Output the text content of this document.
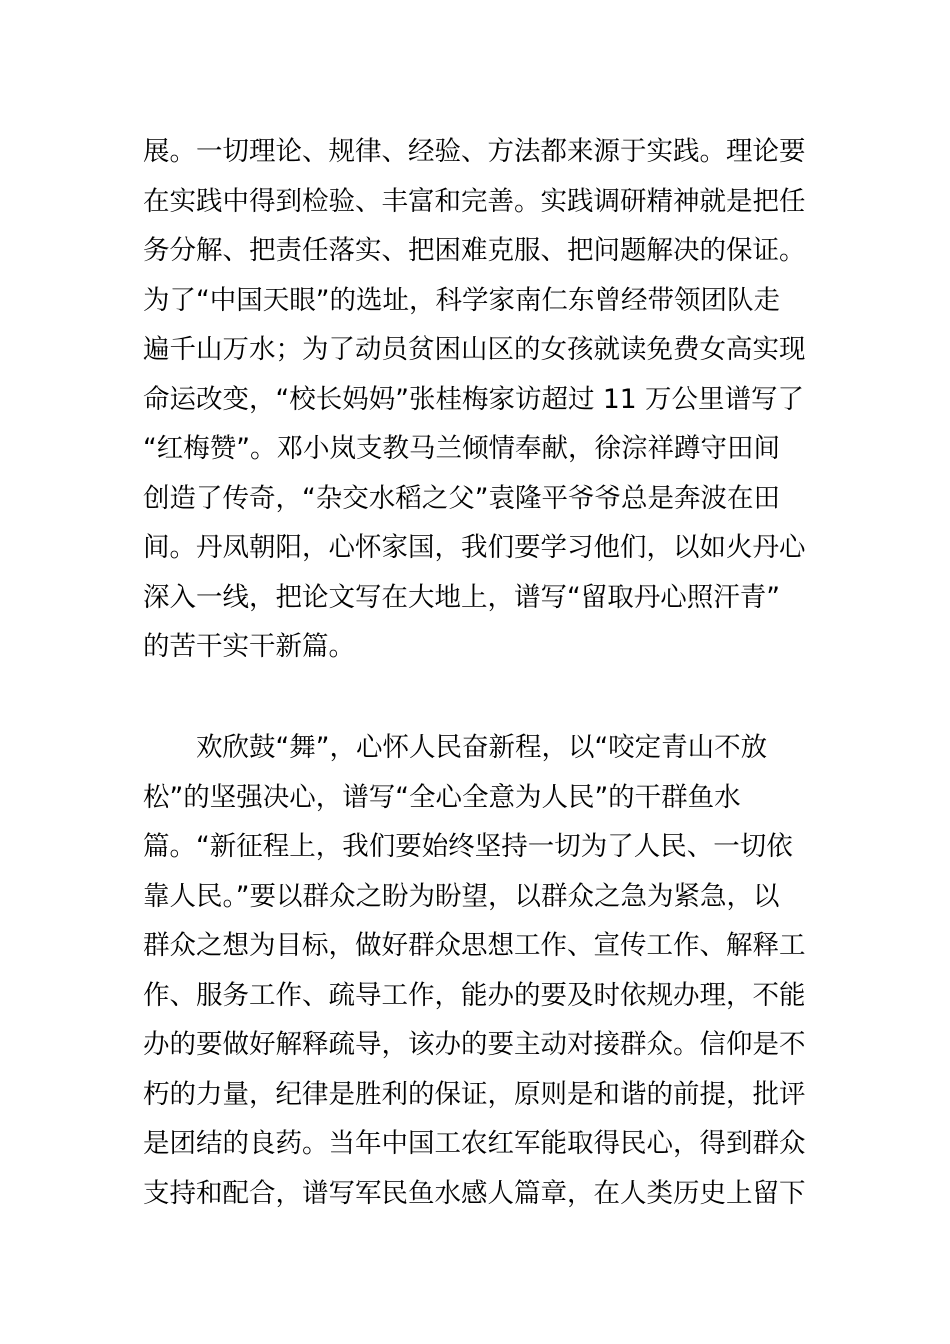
展。一切理论、规律、经验、方法都来源于实践。理论要
在实践中得到检验、丰富和完善。实践调研精神就是把任
务分解、把责任落实、把困难克服、把问题解决的保证。
为了“中国天眼”的选址，科学家南仁东曾经带领团队走
遍千山万水；为了动员贫困山区的女孩就读免费女高实现
命运改变，“校长妈妈”张桂梅家访超过 11 万公里谱写了
“红梅赞”。邓小岚支教马兰倾情奉献，徐淙祥蹲守田间
创造了传奇，“杂交水稻之父”袁隆平爷爷总是奔波在田
间。丹凤朝阳，心怀家国，我们要学习他们，以如火丹心
深入一线，把论文写在大地上，谱写“留取丹心照汗青”
的苦干实干新篇。
欢欣鼓“舞”，心怀人民奋新程，以“咬定青山不放
松”的坚强决心，谱写“全心全意为人民”的干群鱼水
篇。“新征程上，我们要始终坚持一切为了人民、一切依
靠人民。”要以群众之盼为盼望，以群众之急为紧急，以
群众之想为目标，做好群众思想工作、宣传工作、解释工
作、服务工作、疏导工作，能办的要及时依规办理，不能
办的要做好解释疏导，该办的要主动对接群众。信仰是不
朽的力量，纪律是胜利的保证，原则是和谐的前提，批评
是团结的良药。当年中国工农红军能取得民心，得到群众
支持和配合，谱写军民鱼水感人篇章，在人类历史上留下
